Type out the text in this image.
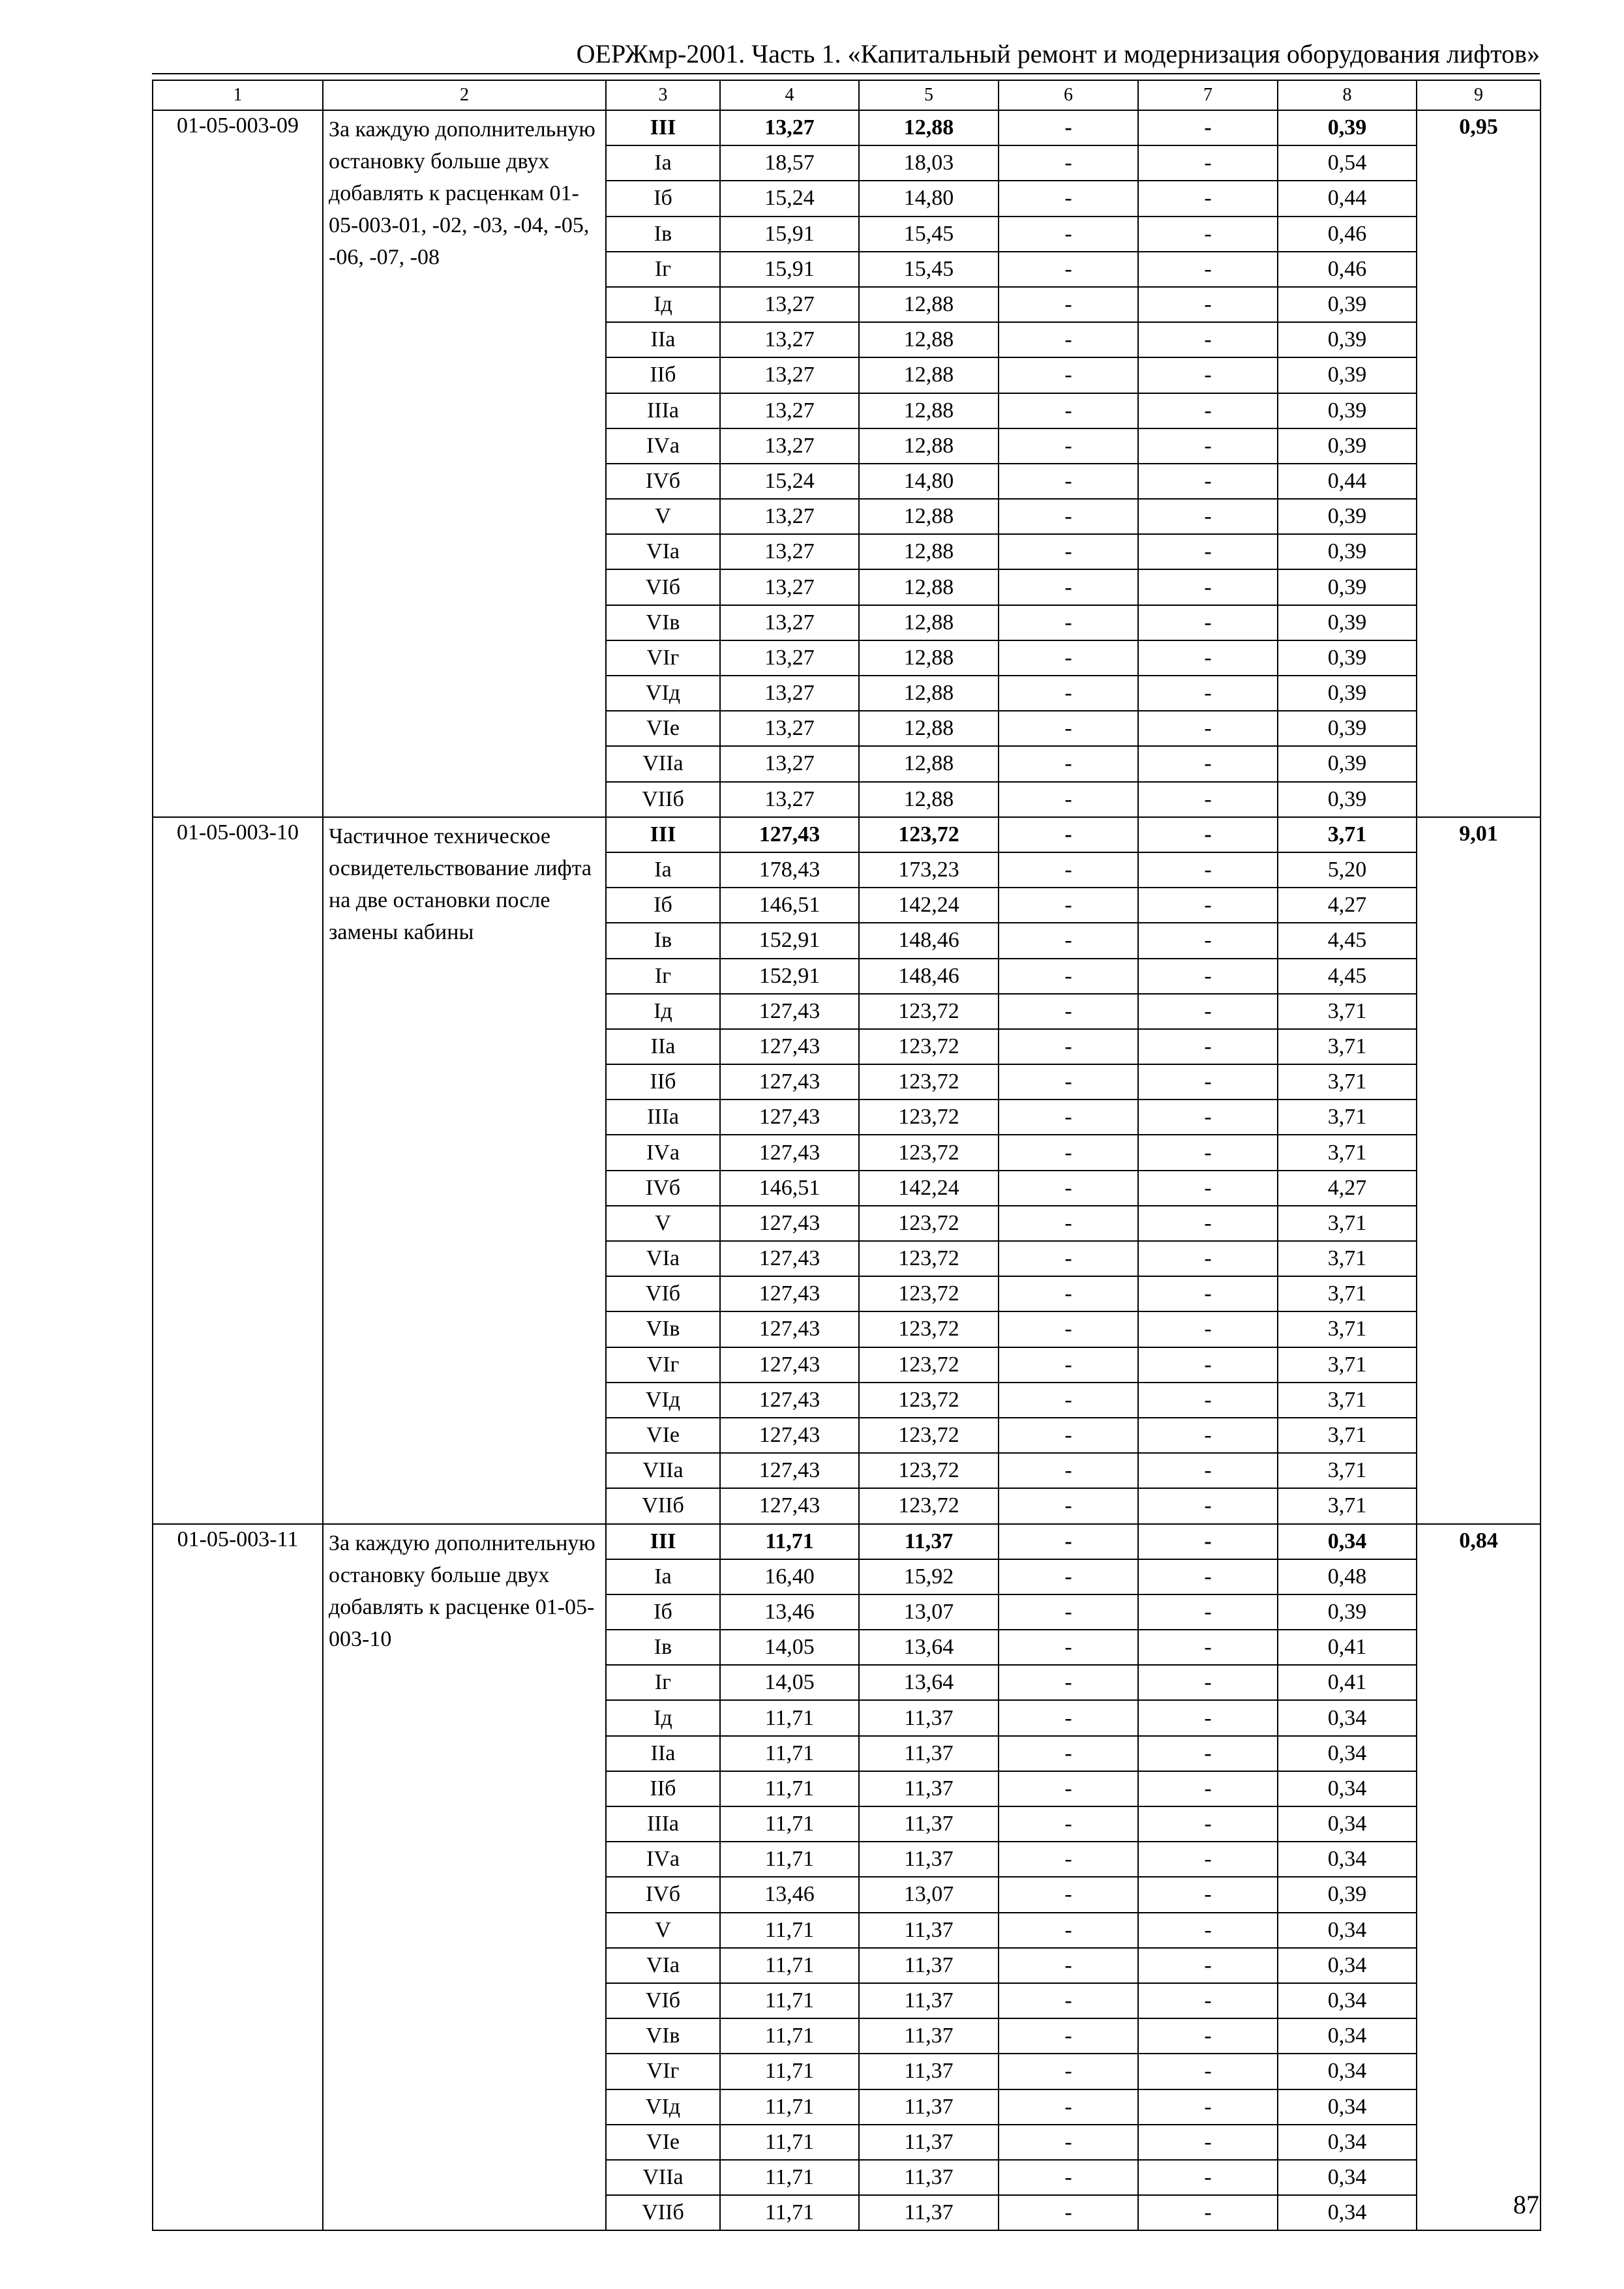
ОЕРЖмр-2001. Часть 1. «Капитальный ремонт и модернизация оборудования лифтов»
1	2	3	4	5	6	7	8	9
01-05-003-09	За каждую дополнительную остановку больше двух добавлять к расценкам 01-05-003-01, -02, -03, -04, -05, -06, -07, -08	III	13,27	12,88	-	-	0,39	0,95
		Iа	18,57	18,03	-	-	0,54	
		Iб	15,24	14,80	-	-	0,44	
		Iв	15,91	15,45	-	-	0,46	
		Iг	15,91	15,45	-	-	0,46	
		Iд	13,27	12,88	-	-	0,39	
		IIа	13,27	12,88	-	-	0,39	
		IIб	13,27	12,88	-	-	0,39	
		IIIа	13,27	12,88	-	-	0,39	
		IVа	13,27	12,88	-	-	0,39	
		IVб	15,24	14,80	-	-	0,44	
		V	13,27	12,88	-	-	0,39	
		VIа	13,27	12,88	-	-	0,39	
		VIб	13,27	12,88	-	-	0,39	
		VIв	13,27	12,88	-	-	0,39	
		VIг	13,27	12,88	-	-	0,39	
		VIд	13,27	12,88	-	-	0,39	
		VIе	13,27	12,88	-	-	0,39	
		VIIа	13,27	12,88	-	-	0,39	
		VIIб	13,27	12,88	-	-	0,39	
01-05-003-10	Частичное техническое освидетельствование лифта на две остановки после замены кабины	III	127,43	123,72	-	-	3,71	9,01
		Iа	178,43	173,23	-	-	5,20	
		Iб	146,51	142,24	-	-	4,27	
		Iв	152,91	148,46	-	-	4,45	
		Iг	152,91	148,46	-	-	4,45	
		Iд	127,43	123,72	-	-	3,71	
		IIа	127,43	123,72	-	-	3,71	
		IIб	127,43	123,72	-	-	3,71	
		IIIа	127,43	123,72	-	-	3,71	
		IVа	127,43	123,72	-	-	3,71	
		IVб	146,51	142,24	-	-	4,27	
		V	127,43	123,72	-	-	3,71	
		VIа	127,43	123,72	-	-	3,71	
		VIб	127,43	123,72	-	-	3,71	
		VIв	127,43	123,72	-	-	3,71	
		VIг	127,43	123,72	-	-	3,71	
		VIд	127,43	123,72	-	-	3,71	
		VIе	127,43	123,72	-	-	3,71	
		VIIа	127,43	123,72	-	-	3,71	
		VIIб	127,43	123,72	-	-	3,71	
01-05-003-11	За каждую дополнительную остановку больше двух добавлять к расценке 01-05-003-10	III	11,71	11,37	-	-	0,34	0,84
		Iа	16,40	15,92	-	-	0,48	
		Iб	13,46	13,07	-	-	0,39	
		Iв	14,05	13,64	-	-	0,41	
		Iг	14,05	13,64	-	-	0,41	
		Iд	11,71	11,37	-	-	0,34	
		IIа	11,71	11,37	-	-	0,34	
		IIб	11,71	11,37	-	-	0,34	
		IIIа	11,71	11,37	-	-	0,34	
		IVа	11,71	11,37	-	-	0,34	
		IVб	13,46	13,07	-	-	0,39	
		V	11,71	11,37	-	-	0,34	
		VIа	11,71	11,37	-	-	0,34	
		VIб	11,71	11,37	-	-	0,34	
		VIв	11,71	11,37	-	-	0,34	
		VIг	11,71	11,37	-	-	0,34	
		VIд	11,71	11,37	-	-	0,34	
		VIе	11,71	11,37	-	-	0,34	
		VIIа	11,71	11,37	-	-	0,34	
		VIIб	11,71	11,37	-	-	0,34		87
